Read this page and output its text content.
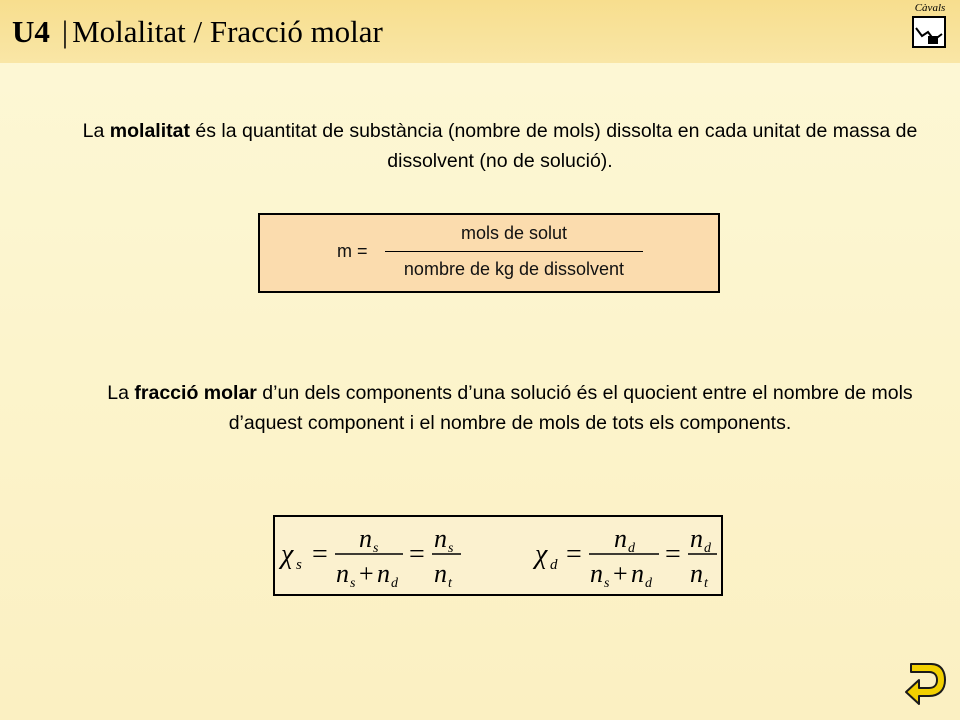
U4 | Molalitat / Fracció molar
Càvals
La molalitat és la quantitat de substància (nombre de mols) dissolta en cada unitat de massa de dissolvent (no de solució).
m =
mols de solut
nombre de kg de dissolvent
La fracció molar d’un dels components d’una solució és el quocient entre el nombre de mols d’aquest component i el nombre de mols de tots els components.
χ s =
n s
n s + n d
=
n s
n t
χ d =
n d
n s + n d
=
n d
n t
